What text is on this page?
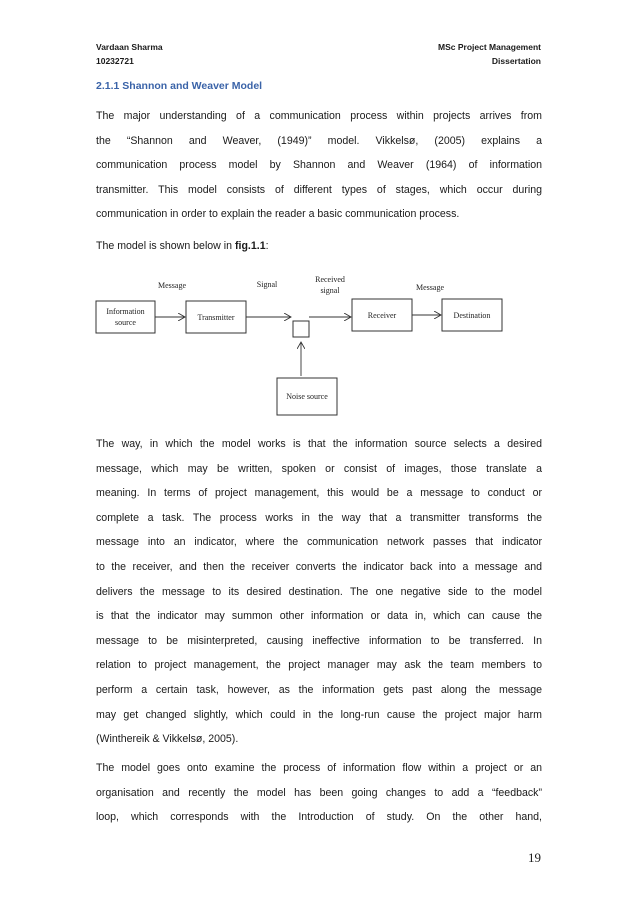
Vardaan Sharma
10232721
MSc Project Management
Dissertation
2.1.1 Shannon and Weaver Model
The major understanding of a communication process within projects arrives from
the “Shannon and Weaver, (1949)” model. Vikkelsø, (2005) explains a
communication process model by Shannon and Weaver (1964) of information
transmitter. This model consists of different types of stages, which occur during
communication in order to explain the reader a basic communication process.
The model is shown below in fig.1.1:
Information
source
Transmitter	Receiver	Destination
Noise source
Message	Signal
Received
signal	Message
The way, in which the model works is that the information source selects a desired
message, which may be written, spoken or consist of images, those translate a
meaning. In terms of project management, this would be a message to conduct or
complete a task. The process works in the way that a transmitter transforms the
message into an indicator, where the communication network passes that indicator
to the receiver, and then the receiver converts the indicator back into a message and
delivers the message to its desired destination. The one negative side to the model
is that the indicator may summon other information or data in, which can cause the
message to be misinterpreted, causing ineffective information to be transferred. In
relation to project management, the project manager may ask the team members to
perform a certain task, however, as the information gets past along the message
may get changed slightly, which could in the long-run cause the project major harm
(Winthereik & Vikkelsø, 2005).
The model goes onto examine the process of information flow within a project or an
organisation and recently the model has been going changes to add a “feedback”
loop, which corresponds with the Introduction of study. On the other hand,
19
